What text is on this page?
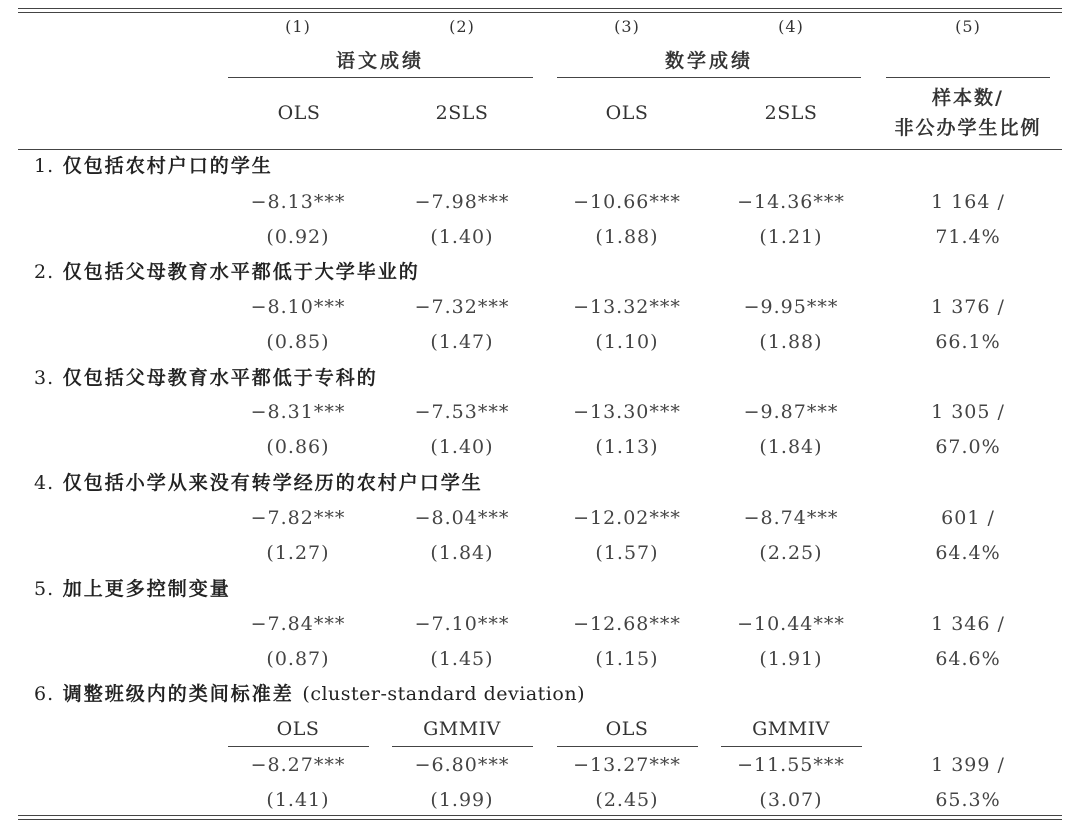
(1)	(2)	(3)	(4)	(5)
语文成绩	数学成绩
OLS	2SLS	OLS	2SLS
样本数/
非公办学生比例
1. 仅包括农村户口的学生
−8.13***	−7.98***	−10.66***	−14.36***	1 164 /
(0.92)	(1.40)	(1.88)	(1.21)	71.4%
2. 仅包括父母教育水平都低于大学毕业的
−8.10***	−7.32***	−13.32***	−9.95***	1 376 /
(0.85)	(1.47)	(1.10)	(1.88)	66.1%
3. 仅包括父母教育水平都低于专科的
−8.31***	−7.53***	−13.30***	−9.87***	1 305 /
(0.86)	(1.40)	(1.13)	(1.84)	67.0%
4. 仅包括小学从来没有转学经历的农村户口学生
−7.82***	−8.04***	−12.02***	−8.74***	601 /
(1.27)	(1.84)	(1.57)	(2.25)	64.4%
5. 加上更多控制变量
−7.84***	−7.10***	−12.68***	−10.44***	1 346 /
(0.87)	(1.45)	(1.15)	(1.91)	64.6%
6. 调整班级内的类间标准差 (cluster-standard deviation)
OLS	GMMIV	OLS	GMMIV
−8.27***	−6.80***	−13.27***	−11.55***	1 399 /
(1.41)	(1.99)	(2.45)	(3.07)	65.3%
